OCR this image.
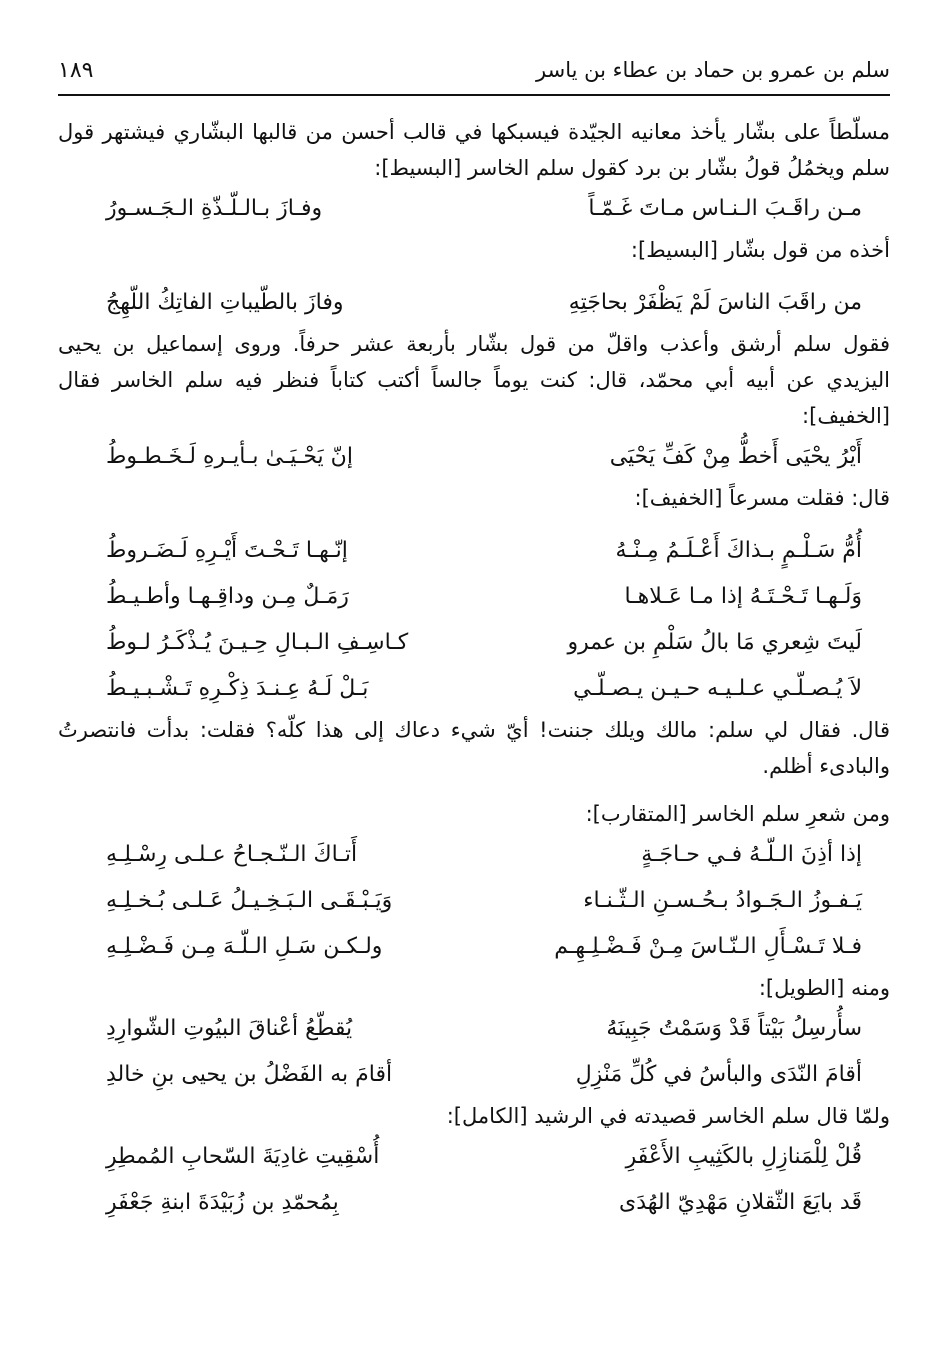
سلم بن عمرو بن حماد بن عطاء بن ياسر
١٨٩

مسلّطاً على بشّار يأخذ معانيه الجيّدة فيسبكها في قالب أحسن من قالبها البشّاري فيشتهر قول سلم ويخمُلُ قولُ بشّار بن برد كقول سلم الخاسر [البسيط]:

مـن راقَـبَ الـنـاس مـاتَ غَـمّـاً
وفـازَ بـالـلّـذّةِ الـجَـسـورُ

أخذه من قول بشّار [البسيط]:

من راقَبَ الناسَ لَمْ يَظْفَرْ بحاجَتِهِ
وفازَ بالطّيباتِ الفاتِكُ اللّهِجُ

فقول سلم أرشق وأعذب واقلّ من قول بشّار بأربعة عشر حرفاً. وروى إسماعيل بن يحيى اليزيدي عن أبيه أبي محمّد، قال: كنت يوماً جالساً أكتب كتاباً فنظر فيه سلم الخاسر فقال [الخفيف]:

أَيْرُ يحْيَى أَخطُّ مِنْ كَفِّ يَحْيَى
إنّ يَحْـيَـىٰ بـأيـرهِ لَـخَـطـوطُ

قال: فقلت مسرعاً [الخفيف]:

أُمُّ سَـلْـمٍ بـذاكَ أَعْـلَـمُ مِـنْـهُ
إنّـهـا تَـحْـتَ أَيْـرِهِ لَـضَـروطُ
وَلَـهـا تَـحْـتَـهُ إذا مـا عَـلاهـا
رَمَـلٌ مِـن وداقِـهـا وأطـيـطُ
لَيتَ شِعري مَا بالُ سَلْمِ بن عمرو
كـاسِـفِ الـبـالِ حِـيـنَ يُـذْكَـرُ لـوطُ
لاَ يُـصـلّـي عـلـيـه حـيـن يـصـلّـي
بَـلْ لَـهُ عِـنـدَ ذِكْـرِهِ تَـشْـبـيـطُ

قال. فقال لي سلم: مالك ويلك جننت! أيّ شيء دعاك إلى هذا كلّه؟ فقلت: بدأت فانتصرتُ والبادىء أظلم.

ومن شعرِ سلم الخاسر [المتقارب]:

إذا أذِنَ الـلّـهُ فـي حـاجَـةٍ
أَتـاكَ الـنّـجـاحُ عـلـى رِسْـلِـهِ
يَـفـوزُ الـجَـوادُ بـحُـسـنِ الـثّـنـاء
وَيَـبْـقَـى الـبَـخِـيـلُ عَـلـى بُـخـلِـهِ
فـلا تَـسْـأَلِ الـنّـاسَ مِـنْ فَـضْـلِـهِـم
ولـكـن سَـلِ الـلّـهَ مِـن فَـضْـلِـهِ

ومنه [الطويل]:

سأُرسِلُ بَيْتاً قَدْ وَسَمْتُ جَبِينَهُ
يُقطّعُ أعْناقَ البيُوتِ الشّوارِدِ
أقامَ النّدَى والبأسُ في كُلِّ مَنْزِلِ
أقامَ به الفَضْلُ بن يحيى بنِ خالدِ

ولمّا قال سلم الخاسر قصيدته في الرشيد [الكامل]:

قُلْ لِلْمَنازِلِ بالكَثِيبِ الأَعْفَرِ
أُسْقِيتِ غادِيَةَ السّحابِ المُمطِرِ
قَد بايَعَ الثّقلانِ مَهْدِيّ الهُدَى
بِمُحمّدِ بن زُبَيْدَةَ ابنةِ جَعْفَرِ
